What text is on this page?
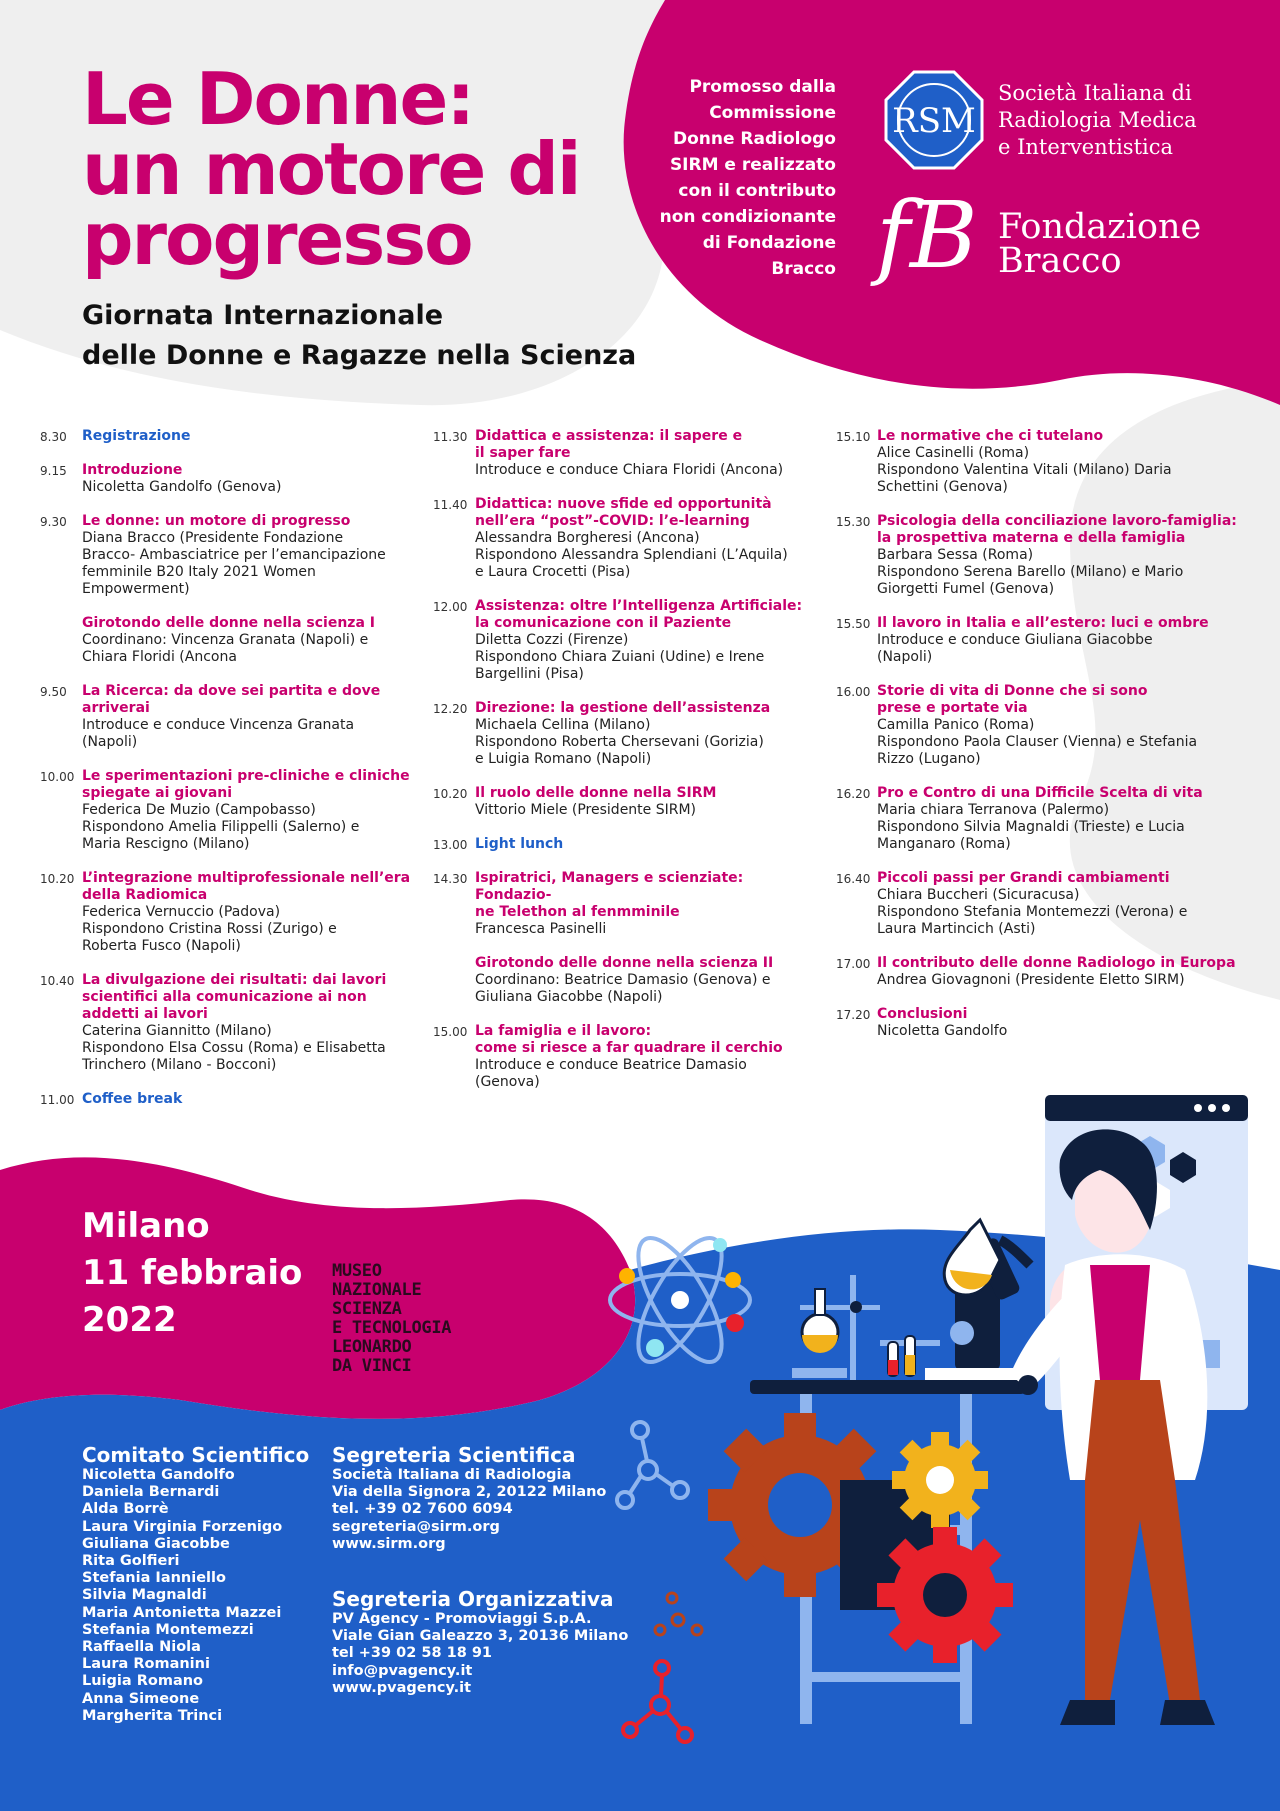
Le Donne:
un motore di
progresso
Giornata Internazionale
delle Donne e Ragazze nella Scienza
Promosso dalla
Commissione
Donne Radiologo
SIRM e realizzato
con il contributo
non condizionante
di Fondazione
Bracco
RSM
Società Italiana di
Radiologia Medica
e Interventistica
fB Fondazione
Bracco
8.30 Registrazione
9.15 Introduzione
Nicoletta Gandolfo (Genova)
9.30 Le donne: un motore di progresso
Diana Bracco (Presidente Fondazione
Bracco- Ambasciatrice per l’emancipazione
femminile B20 Italy 2021 Women
Empowerment)
Girotondo delle donne nella scienza I
Coordinano: Vincenza Granata (Napoli) e
Chiara Floridi (Ancona
9.50 La Ricerca: da dove sei partita e dove
arriverai
Introduce e conduce Vincenza Granata
(Napoli)
10.00 Le sperimentazioni pre-cliniche e cliniche
spiegate ai giovani
Federica De Muzio (Campobasso)
Rispondono Amelia Filippelli (Salerno) e
Maria Rescigno (Milano)
10.20 L’integrazione multiprofessionale nell’era
della Radiomica
Federica Vernuccio (Padova)
Rispondono Cristina Rossi (Zurigo) e
Roberta Fusco (Napoli)
10.40 La divulgazione dei risultati: dai lavori
scientifici alla comunicazione ai non
addetti ai lavori
Caterina Giannitto (Milano)
Rispondono Elsa Cossu (Roma) e Elisabetta
Trinchero (Milano - Bocconi)
11.00 Coffee break
11.30 Didattica e assistenza: il sapere e
il saper fare
Introduce e conduce Chiara Floridi (Ancona)
11.40 Didattica: nuove sfide ed opportunità
nell’era “post”-COVID: l’e-learning
Alessandra Borgheresi (Ancona)
Rispondono Alessandra Splendiani (L’Aquila)
e Laura Crocetti (Pisa)
12.00 Assistenza: oltre l’Intelligenza Artificiale:
la comunicazione con il Paziente
Diletta Cozzi (Firenze)
Rispondono Chiara Zuiani (Udine) e Irene
Bargellini (Pisa)
12.20 Direzione: la gestione dell’assistenza
Michaela Cellina (Milano)
Rispondono Roberta Chersevani (Gorizia)
e Luigia Romano (Napoli)
10.20 Il ruolo delle donne nella SIRM
Vittorio Miele (Presidente SIRM)
13.00 Light lunch
14.30 Ispiratrici, Managers e scienziate: Fondazio-
ne Telethon al fenmminile
Francesca Pasinelli
Girotondo delle donne nella scienza II
Coordinano: Beatrice Damasio (Genova) e
Giuliana Giacobbe (Napoli)
15.00 La famiglia e il lavoro:
come si riesce a far quadrare il cerchio
Introduce e conduce Beatrice Damasio
(Genova)
15.10 Le normative che ci tutelano
Alice Casinelli (Roma)
Rispondono Valentina Vitali (Milano) Daria
Schettini (Genova)
15.30 Psicologia della conciliazione lavoro-famiglia:
la prospettiva materna e della famiglia
Barbara Sessa (Roma)
Rispondono Serena Barello (Milano) e Mario
Giorgetti Fumel (Genova)
15.50 Il lavoro in Italia e all’estero: luci e ombre
Introduce e conduce Giuliana Giacobbe
(Napoli)
16.00 Storie di vita di Donne che si sono
prese e portate via
Camilla Panico (Roma)
Rispondono Paola Clauser (Vienna) e Stefania
Rizzo (Lugano)
16.20 Pro e Contro di una Difficile Scelta di vita
Maria chiara Terranova (Palermo)
Rispondono Silvia Magnaldi (Trieste) e Lucia
Manganaro (Roma)
16.40 Piccoli passi per Grandi cambiamenti
Chiara Buccheri (Sicuracusa)
Rispondono Stefania Montemezzi (Verona) e
Laura Martincich (Asti)
17.00 Il contributo delle donne Radiologo in Europa
Andrea Giovagnoni (Presidente Eletto SIRM)
17.20 Conclusioni
Nicoletta Gandolfo
Milano
11 febbraio
2022
MUSEO
NAZIONALE
SCIENZA
E TECNOLOGIA
LEONARDO
DA VINCI
Comitato Scientifico
Nicoletta Gandolfo
Daniela Bernardi
Alda Borrè
Laura Virginia Forzenigo
Giuliana Giacobbe
Rita Golfieri
Stefania Ianniello
Silvia Magnaldi
Maria Antonietta Mazzei
Stefania Montemezzi
Raffaella Niola
Laura Romanini
Luigia Romano
Anna Simeone
Margherita Trinci
Segreteria Scientifica
Società Italiana di Radiologia
Via della Signora 2, 20122 Milano
tel. +39 02 7600 6094
segreteria@sirm.org
www.sirm.org
Segreteria Organizzativa
PV Agency - Promoviaggi S.p.A.
Viale Gian Galeazzo 3, 20136 Milano
tel +39 02 58 18 91
info@pvagency.it
www.pvagency.it
